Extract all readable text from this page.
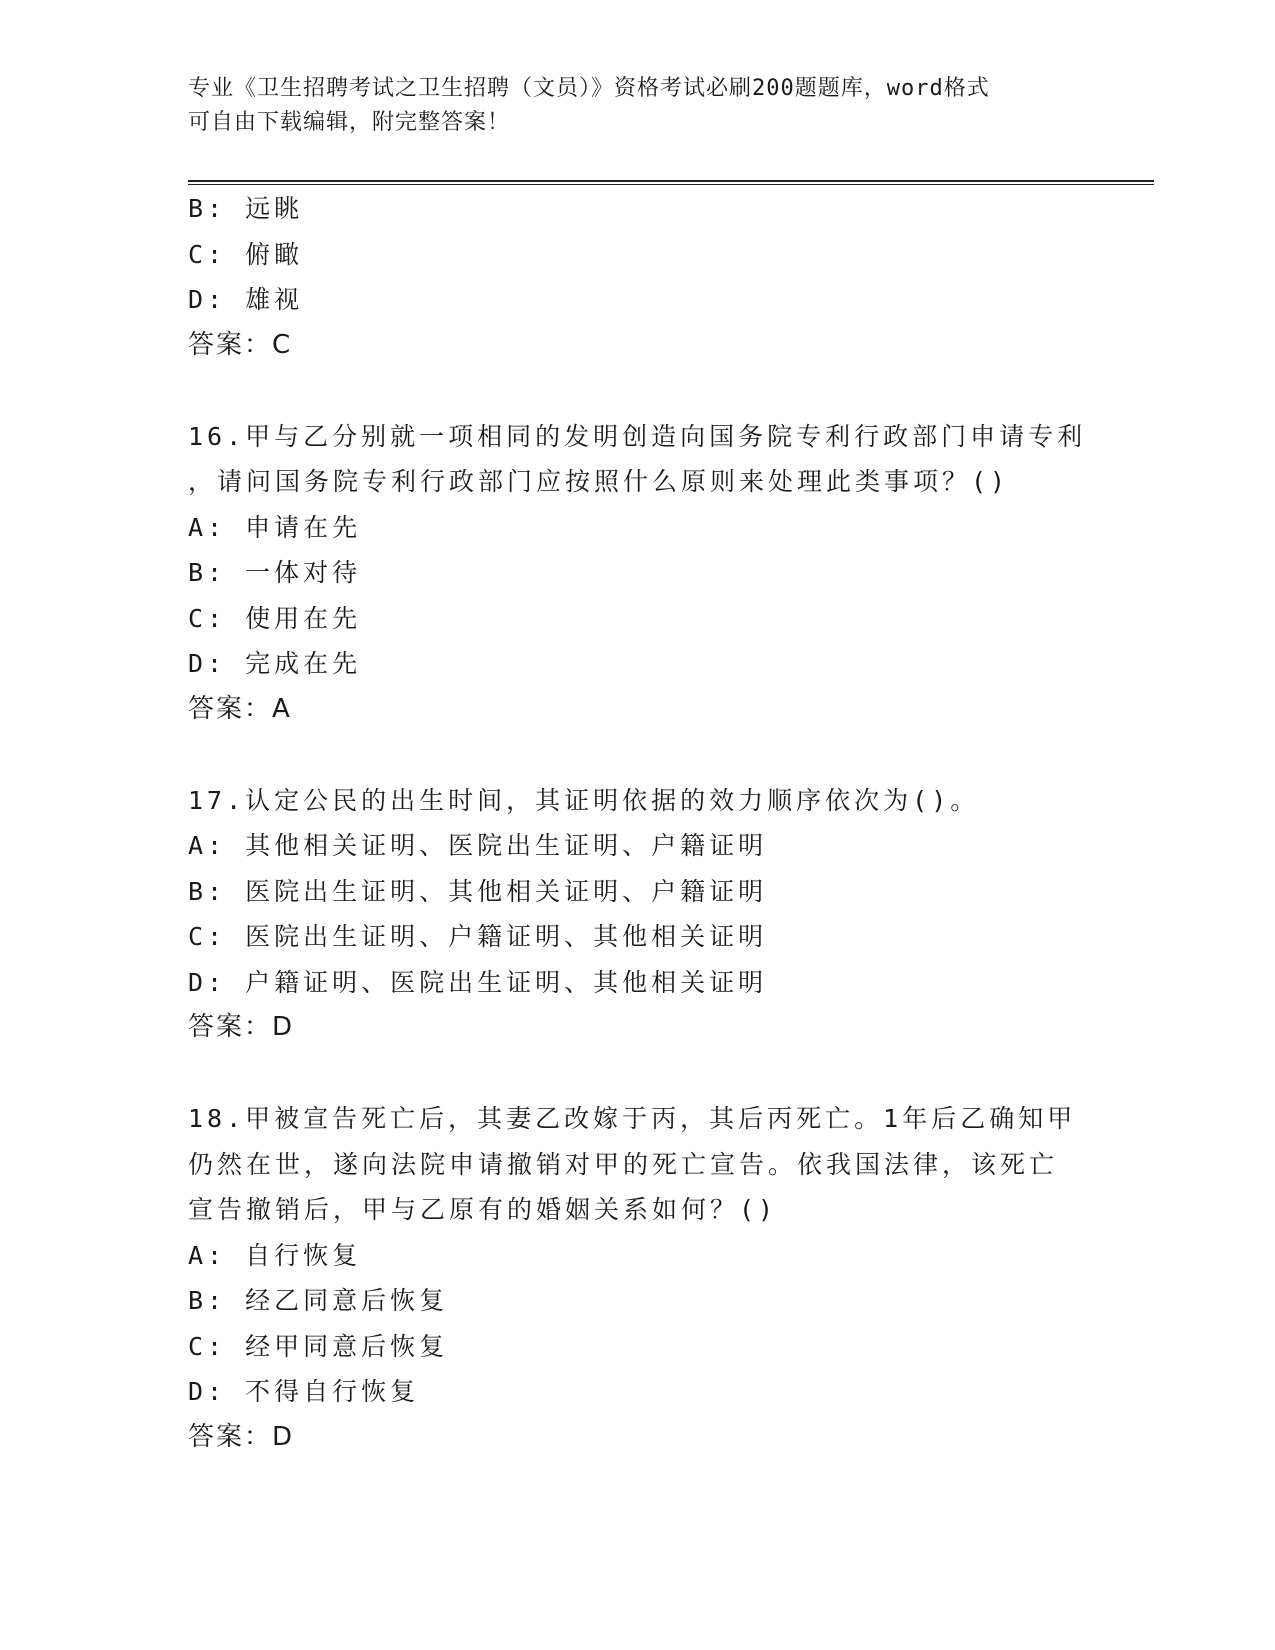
专业《卫生招聘考试之卫生招聘（文员）》资格考试必刷200题题库，word格式
可自由下载编辑，附完整答案！
B: 远眺
C: 俯瞰
D: 雄视
答案：C
16.甲与乙分别就一项相同的发明创造向国务院专利行政部门申请专利
，请问国务院专利行政部门应按照什么原则来处理此类事项？()
A: 申请在先
B: 一体对待
C: 使用在先
D: 完成在先
答案：A
17.认定公民的出生时间，其证明依据的效力顺序依次为()。
A: 其他相关证明、医院出生证明、户籍证明
B: 医院出生证明、其他相关证明、户籍证明
C: 医院出生证明、户籍证明、其他相关证明
D: 户籍证明、医院出生证明、其他相关证明
答案：D
18.甲被宣告死亡后，其妻乙改嫁于丙，其后丙死亡。1年后乙确知甲
仍然在世，遂向法院申请撤销对甲的死亡宣告。依我国法律，该死亡
宣告撤销后，甲与乙原有的婚姻关系如何？()
A: 自行恢复
B: 经乙同意后恢复
C: 经甲同意后恢复
D: 不得自行恢复
答案：D
